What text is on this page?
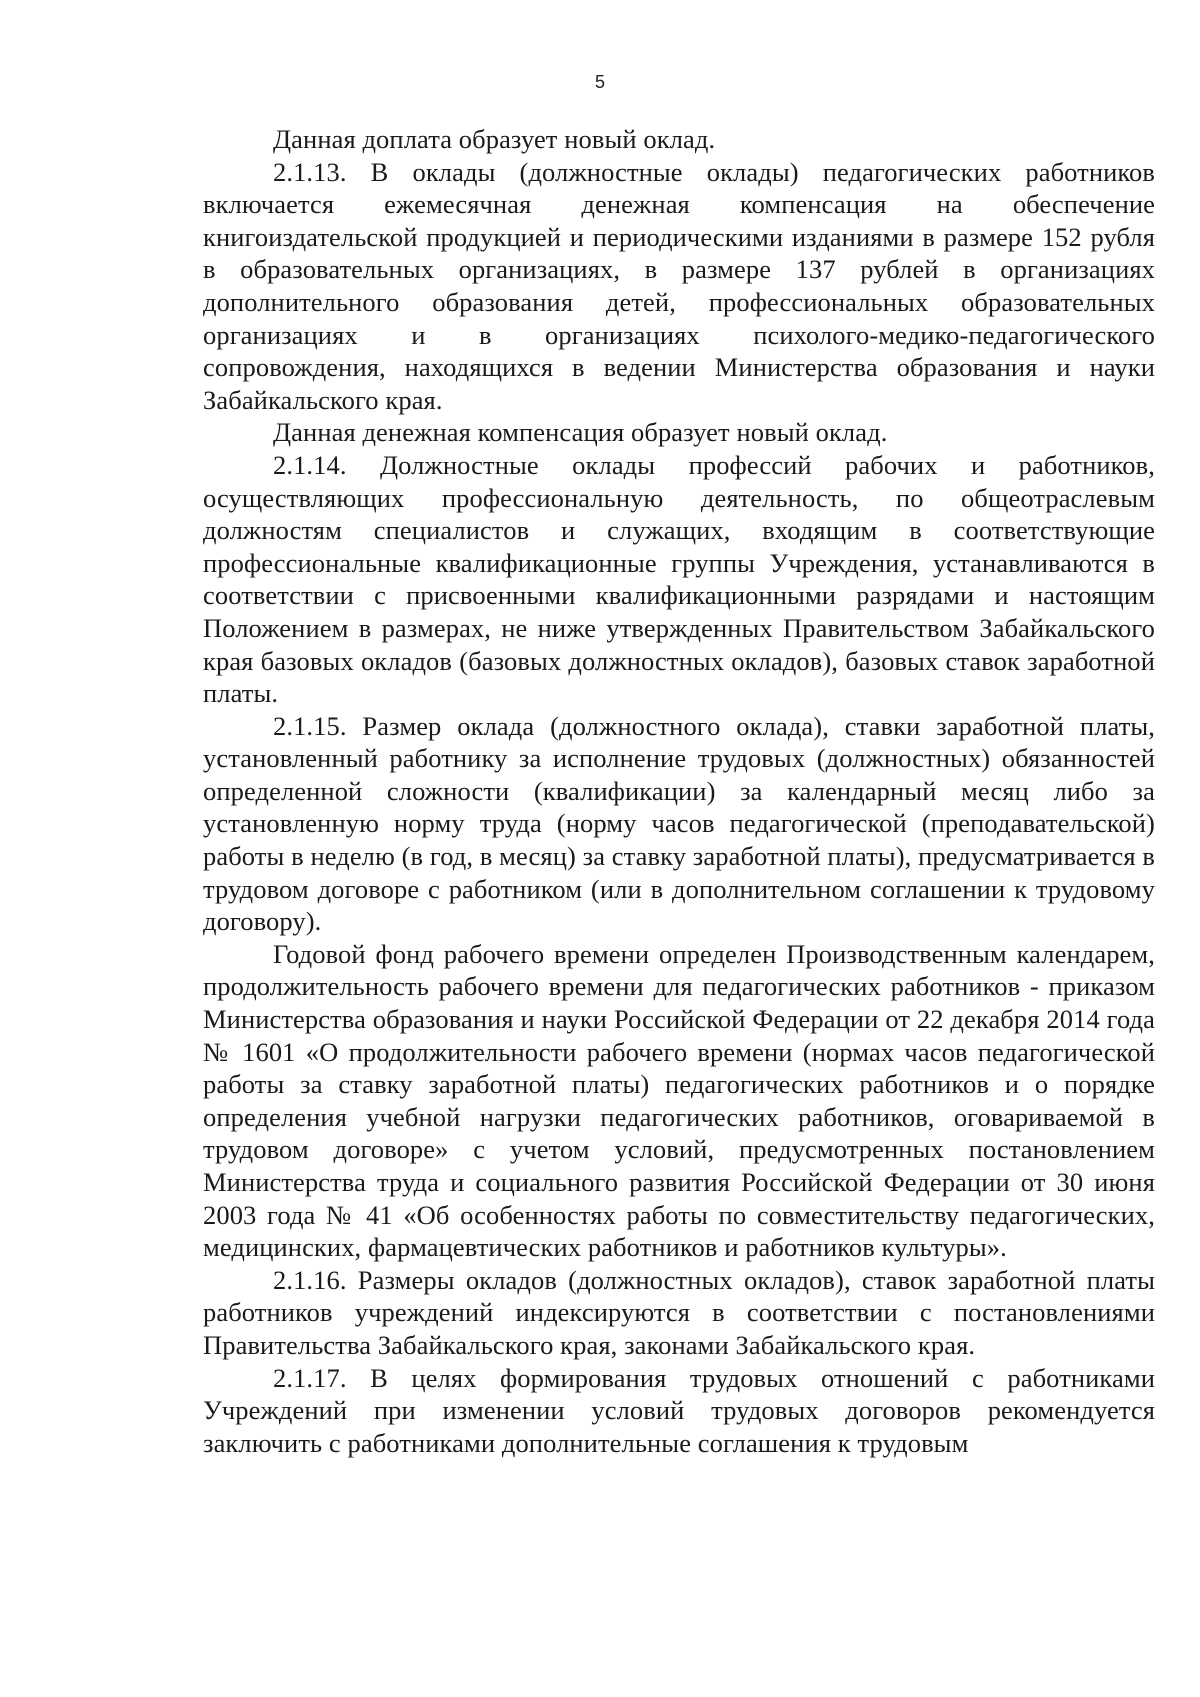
5

Данная доплата образует новый оклад.

2.1.13. В оклады (должностные оклады) педагогических работников включается ежемесячная денежная компенсация на обеспечение книгоиздательской продукцией и периодическими изданиями в размере 152 рубля в образовательных организациях, в размере 137 рублей в организациях дополнительного образования детей, профессиональных образовательных организациях и в организациях психолого-медико-педагогического сопровождения, находящихся в ведении Министерства образования и науки Забайкальского края.

Данная денежная компенсация образует новый оклад.

2.1.14. Должностные оклады профессий рабочих и работников, осуществляющих профессиональную деятельность, по общеотраслевым должностям специалистов и служащих, входящим в соответствующие профессиональные квалификационные группы Учреждения, устанавливаются в соответствии с присвоенными квалификационными разрядами и настоящим Положением в размерах, не ниже утвержденных Правительством Забайкальского края базовых окладов (базовых должностных окладов), базовых ставок заработной платы.

2.1.15. Размер оклада (должностного оклада), ставки заработной платы, установленный работнику за исполнение трудовых (должностных) обязанностей определенной сложности (квалификации) за календарный месяц либо за установленную норму труда (норму часов педагогической (преподавательской) работы в неделю (в год, в месяц) за ставку заработной платы), предусматривается в трудовом договоре с работником (или в дополнительном соглашении к трудовому договору).

Годовой фонд рабочего времени определен Производственным календарем, продолжительность рабочего времени для педагогических работников - приказом Министерства образования и науки Российской Федерации от 22 декабря 2014 года № 1601 «О продолжительности рабочего времени (нормах часов педагогической работы за ставку заработной платы) педагогических работников и о порядке определения учебной нагрузки педагогических работников, оговариваемой в трудовом договоре» с учетом условий, предусмотренных постановлением Министерства труда и социального развития Российской Федерации от 30 июня 2003 года № 41 «Об особенностях работы по совместительству педагогических, медицинских, фармацевтических работников и работников культуры».

2.1.16. Размеры окладов (должностных окладов), ставок заработной платы работников учреждений индексируются в соответствии с постановлениями Правительства Забайкальского края, законами Забайкальского края.

2.1.17. В целях формирования трудовых отношений с работниками Учреждений при изменении условий трудовых договоров рекомендуется заключить с работниками дополнительные соглашения к трудовым
